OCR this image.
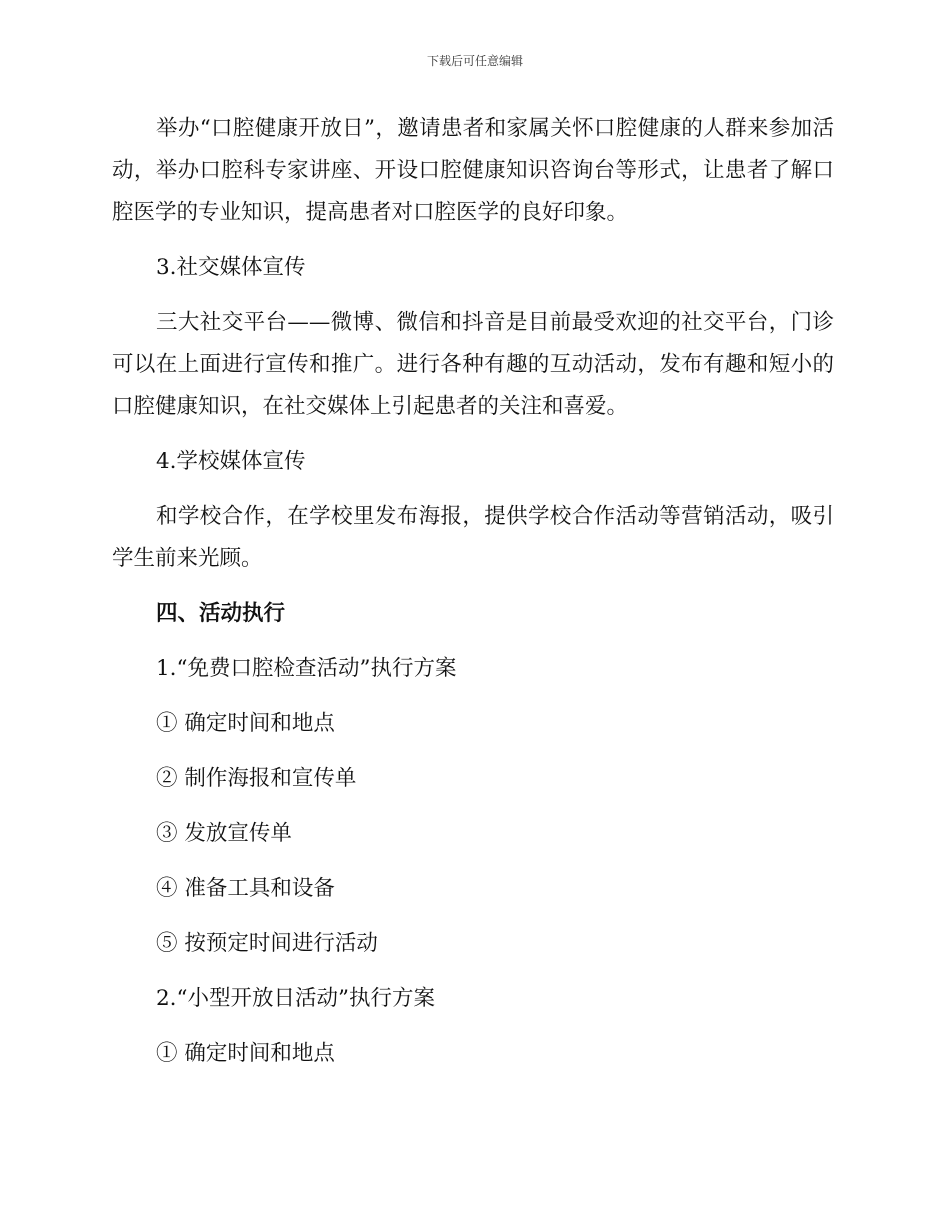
下载后可任意编辑

举办“口腔健康开放日”，邀请患者和家属关怀口腔健康的人群来参加活动，举办口腔科专家讲座、开设口腔健康知识咨询台等形式，让患者了解口腔医学的专业知识，提高患者对口腔医学的良好印象。

3.社交媒体宣传

三大社交平台——微博、微信和抖音是目前最受欢迎的社交平台，门诊可以在上面进行宣传和推广。进行各种有趣的互动活动，发布有趣和短小的口腔健康知识，在社交媒体上引起患者的关注和喜爱。

4.学校媒体宣传

和学校合作，在学校里发布海报，提供学校合作活动等营销活动，吸引学生前来光顾。

四、活动执行
1.“免费口腔检查活动”执行方案
① 确定时间和地点
② 制作海报和宣传单
③ 发放宣传单
④ 准备工具和设备
⑤ 按预定时间进行活动
2.“小型开放日活动”执行方案
① 确定时间和地点
